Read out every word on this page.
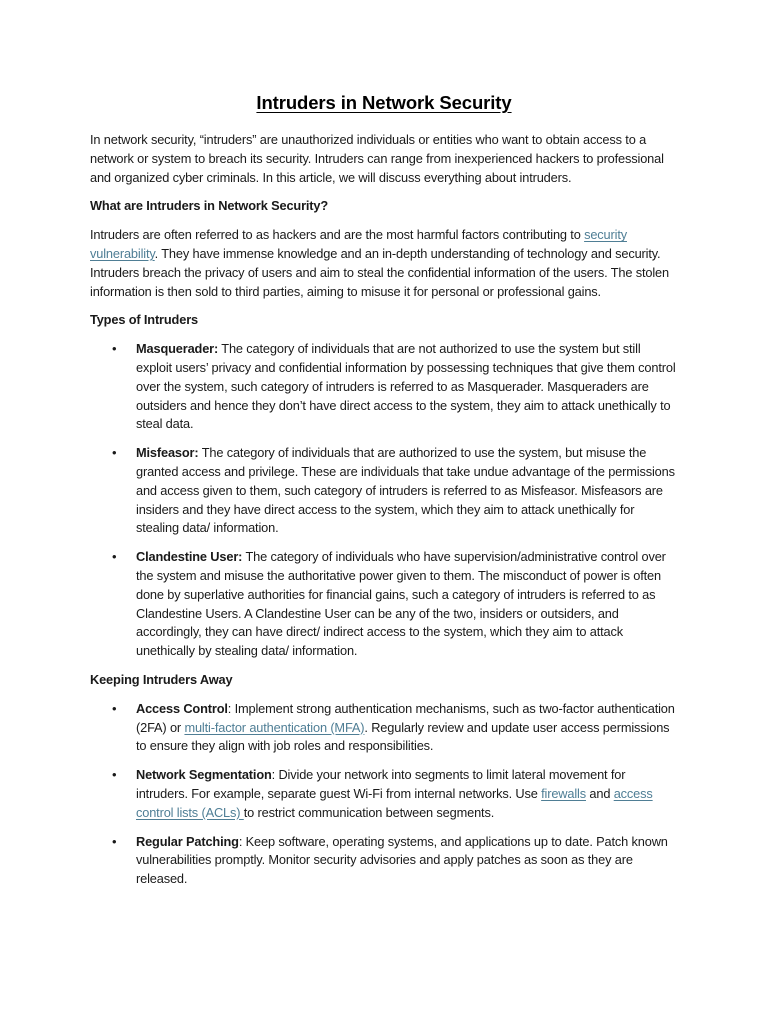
Intruders in Network Security

In network security, “intruders” are unauthorized individuals or entities who want to obtain access to a network or system to breach its security. Intruders can range from inexperienced hackers to professional and organized cyber criminals. In this article, we will discuss everything about intruders.

What are Intruders in Network Security?

Intruders are often referred to as hackers and are the most harmful factors contributing to security vulnerability. They have immense knowledge and an in-depth understanding of technology and security. Intruders breach the privacy of users and aim to steal the confidential information of the users. The stolen information is then sold to third parties, aiming to misuse it for personal or professional gains.

Types of Intruders

• Masquerader: The category of individuals that are not authorized to use the system but still exploit users’ privacy and confidential information by possessing techniques that give them control over the system, such category of intruders is referred to as Masquerader. Masqueraders are outsiders and hence they don’t have direct access to the system, they aim to attack unethically to steal data.
• Misfeasor: The category of individuals that are authorized to use the system, but misuse the granted access and privilege. These are individuals that take undue advantage of the permissions and access given to them, such category of intruders is referred to as Misfeasor. Misfeasors are insiders and they have direct access to the system, which they aim to attack unethically for stealing data/ information.
• Clandestine User: The category of individuals who have supervision/administrative control over the system and misuse the authoritative power given to them. The misconduct of power is often done by superlative authorities for financial gains, such a category of intruders is referred to as Clandestine Users. A Clandestine User can be any of the two, insiders or outsiders, and accordingly, they can have direct/ indirect access to the system, which they aim to attack unethically by stealing data/ information.

Keeping Intruders Away

• Access Control: Implement strong authentication mechanisms, such as two-factor authentication (2FA) or multi-factor authentication (MFA). Regularly review and update user access permissions to ensure they align with job roles and responsibilities.
• Network Segmentation: Divide your network into segments to limit lateral movement for intruders. For example, separate guest Wi-Fi from internal networks. Use firewalls and access control lists (ACLs) to restrict communication between segments.
• Regular Patching: Keep software, operating systems, and applications up to date. Patch known vulnerabilities promptly. Monitor security advisories and apply patches as soon as they are released.
